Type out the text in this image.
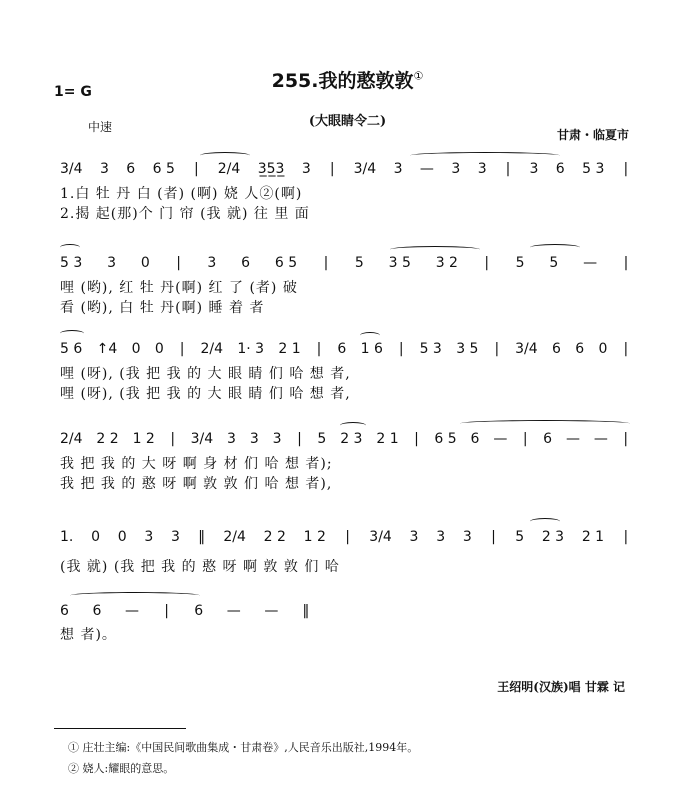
255.我的憨敦敦①
1= G
中速	(大眼睛令二)
甘肃・临夏市
3/4 3 6 6 5 | 2/4 3̲5̲3̲ 3 | 3/4 3 — 3 3 | 3 6 5 3 |
1.白 牡 丹 白 (者) (啊) 娆 人②(啊)
2.揭 起(那)个 门 帘 (我 就) 往 里 面
5 3 3 0 | 3 6 6 5 | 5 3 5 3 2 | 5 5 — |
哩 (哟), 红 牡 丹(啊) 红 了 (者) 破
看 (哟), 白 牡 丹(啊) 睡 着 者
5 6 ↑4 0 0 | 2/4 1· 3 2 1 | 6 1 6 | 5 3 3 5 | 3/4 6 6 0 |
哩 (呀), (我 把 我 的 大 眼 睛 们 哈 想 者,
哩 (呀), (我 把 我 的 大 眼 睛 们 哈 想 者,
2/4 2 2 1 2 | 3/4 3 3 3 | 5 2 3 2 1 | 6 5 6 — | 6 — — |
我 把 我 的 大 呀 啊 身 材 们 哈 想 者);
我 把 我 的 憨 呀 啊 敦 敦 们 哈 想 者),
1. 0 0 3 3 ‖ 2/4 2 2 1 2 | 3/4 3 3 3 | 5 2 3 2 1 |
(我 就) (我 把 我 的 憨 呀 啊 敦 敦 们 哈
6 6 — | 6 — — ‖
想 者)。
王绍明(汉族)唱 甘霖 记
① 庄壮主编:《中国民间歌曲集成・甘肃卷》,人民音乐出版社,1994年。
② 娆人:耀眼的意思。
